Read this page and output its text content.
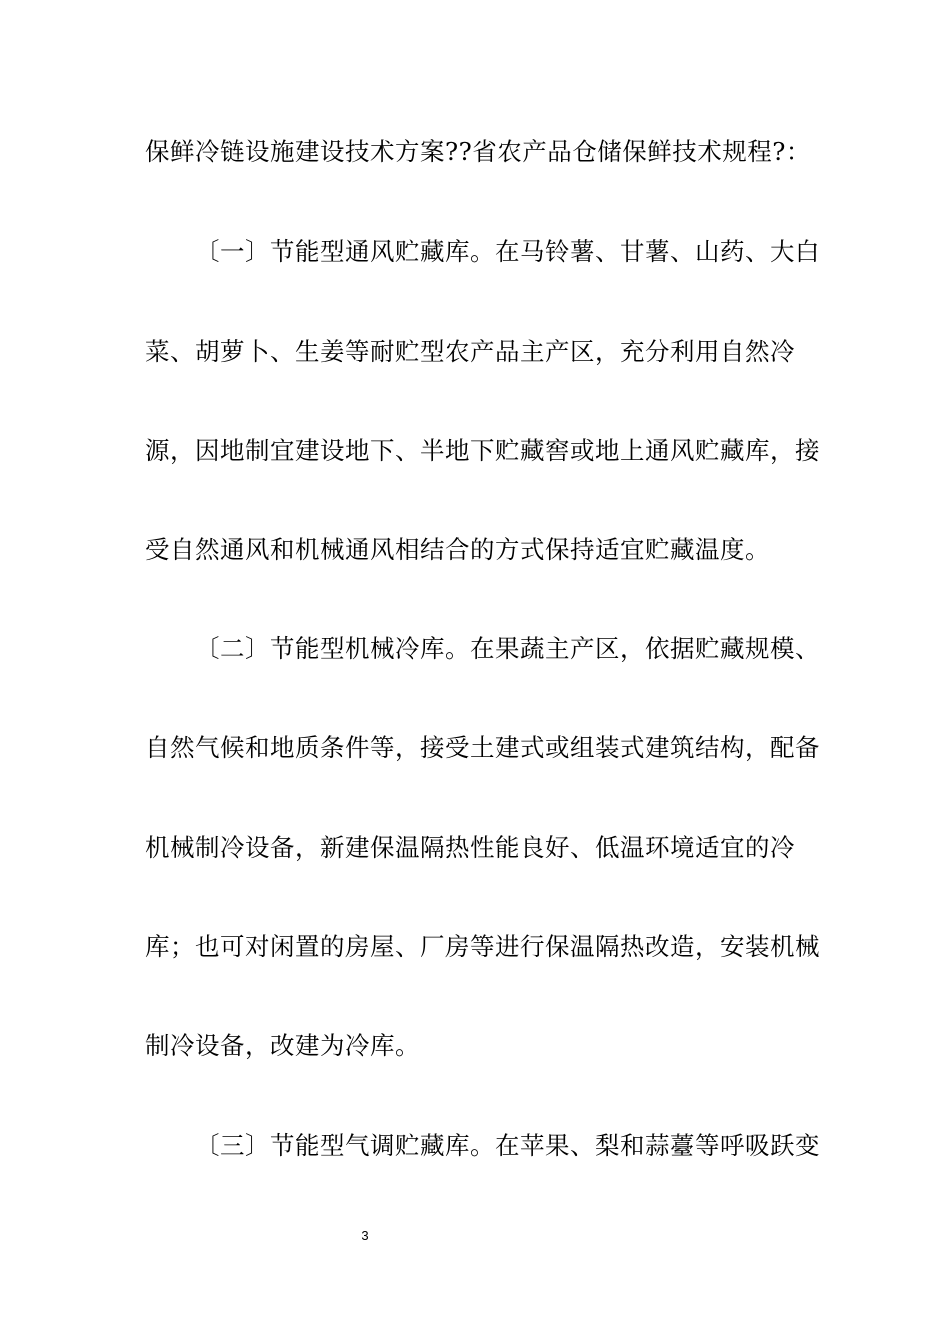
保鲜冷链设施建设技术方案??省农产品仓储保鲜技术规程?：
〔一〕节能型通风贮藏库。在马铃薯、甘薯、山药、大白
菜、胡萝卜、生姜等耐贮型农产品主产区，充分利用自然冷
源，因地制宜建设地下、半地下贮藏窖或地上通风贮藏库，接
受自然通风和机械通风相结合的方式保持适宜贮藏温度。
〔二〕节能型机械冷库。在果蔬主产区，依据贮藏规模、
自然气候和地质条件等，接受土建式或组装式建筑结构，配备
机械制冷设备，新建保温隔热性能良好、低温环境适宜的冷
库；也可对闲置的房屋、厂房等进行保温隔热改造，安装机械
制冷设备，改建为冷库。
〔三〕节能型气调贮藏库。在苹果、梨和蒜薹等呼吸跃变
3
